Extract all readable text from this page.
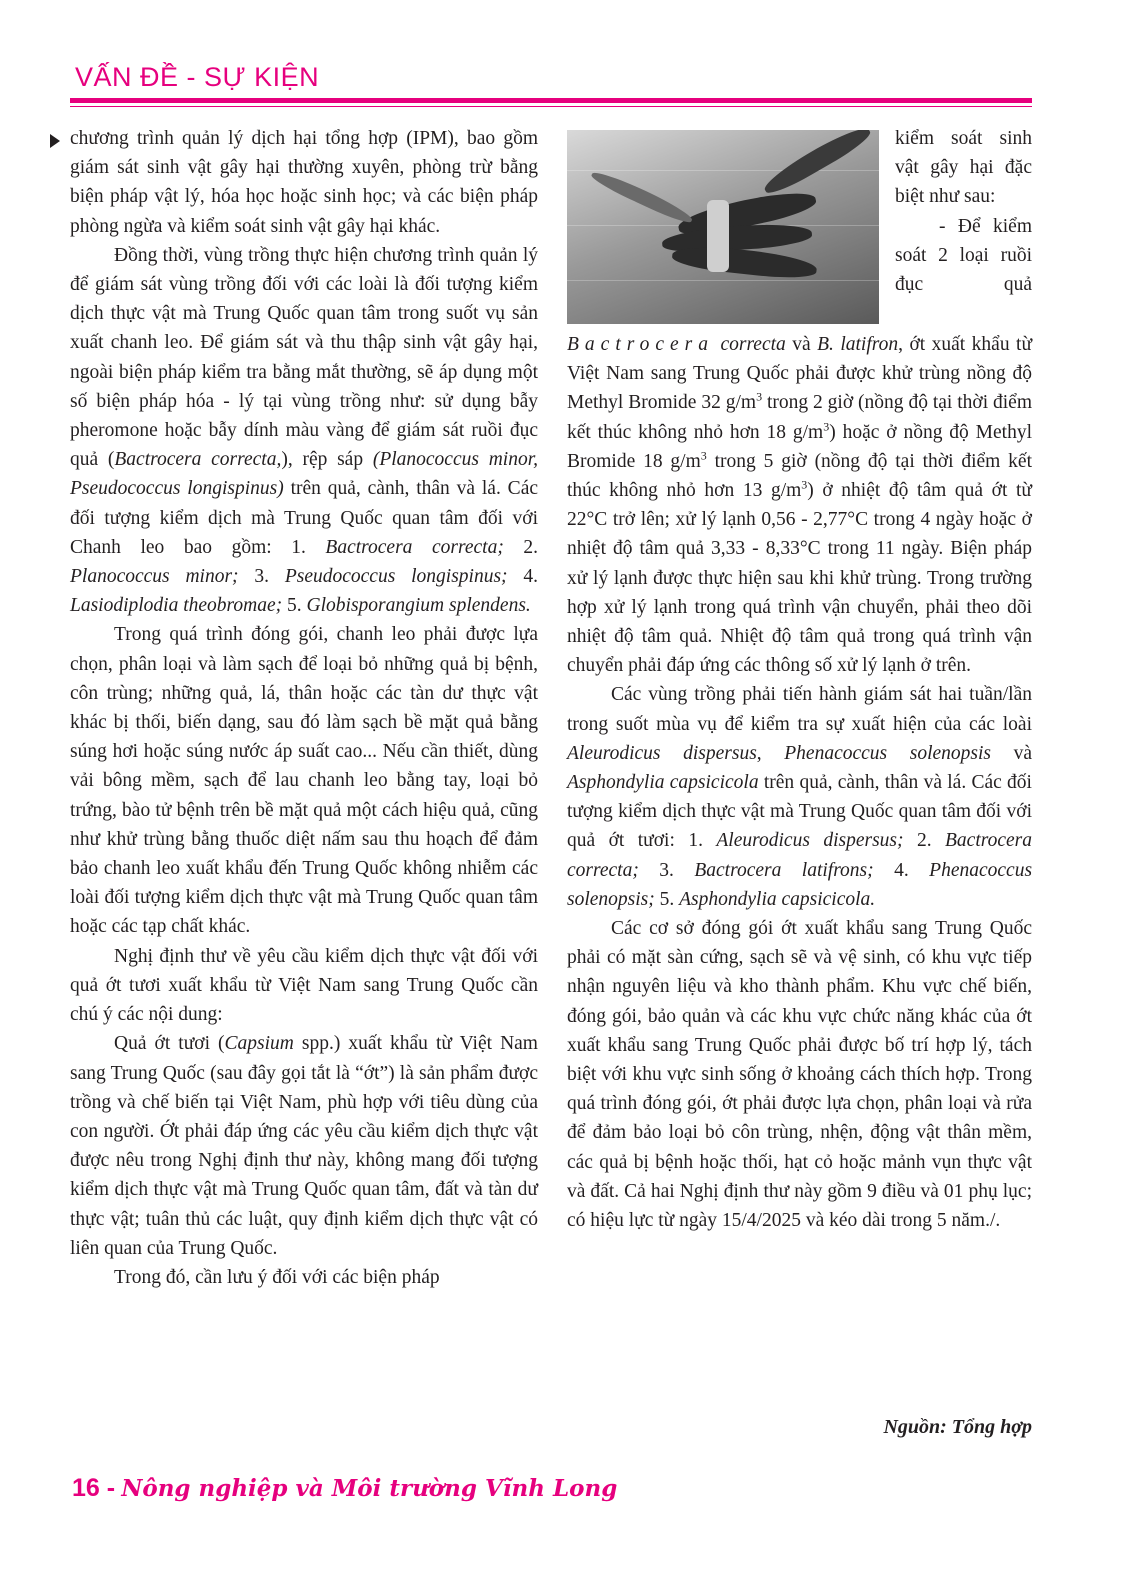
VẤN ĐỀ - SỰ KIỆN

chương trình quản lý dịch hại tổng hợp (IPM), bao gồm giám sát sinh vật gây hại thường xuyên, phòng trừ bằng biện pháp vật lý, hóa học hoặc sinh học; và các biện pháp phòng ngừa và kiểm soát sinh vật gây hại khác.

Đồng thời, vùng trồng thực hiện chương trình quản lý để giám sát vùng trồng đối với các loài là đối tượng kiểm dịch thực vật mà Trung Quốc quan tâm trong suốt vụ sản xuất chanh leo. Để giám sát và thu thập sinh vật gây hại, ngoài biện pháp kiểm tra bằng mắt thường, sẽ áp dụng một số biện pháp hóa - lý tại vùng trồng như: sử dụng bẫy pheromone hoặc bẫy dính màu vàng để giám sát ruồi đục quả (Bactrocera correcta,), rệp sáp (Planococcus minor, Pseudococcus longispinus) trên quả, cành, thân và lá. Các đối tượng kiểm dịch mà Trung Quốc quan tâm đối với Chanh leo bao gồm: 1. Bactrocera correcta; 2. Planococcus minor; 3. Pseudococcus longispinus; 4. Lasiodiplodia theobromae; 5. Globisporangium splendens.

Trong quá trình đóng gói, chanh leo phải được lựa chọn, phân loại và làm sạch để loại bỏ những quả bị bệnh, côn trùng; những quả, lá, thân hoặc các tàn dư thực vật khác bị thối, biến dạng, sau đó làm sạch bề mặt quả bằng súng hơi hoặc súng nước áp suất cao... Nếu cần thiết, dùng vải bông mềm, sạch để lau chanh leo bằng tay, loại bỏ trứng, bào tử bệnh trên bề mặt quả một cách hiệu quả, cũng như khử trùng bằng thuốc diệt nấm sau thu hoạch để đảm bảo chanh leo xuất khẩu đến Trung Quốc không nhiễm các loài đối tượng kiểm dịch thực vật mà Trung Quốc quan tâm hoặc các tạp chất khác.

Nghị định thư về yêu cầu kiểm dịch thực vật đối với quả ớt tươi xuất khẩu từ Việt Nam sang Trung Quốc cần chú ý các nội dung:

Quả ớt tươi (Capsium spp.) xuất khẩu từ Việt Nam sang Trung Quốc (sau đây gọi tắt là “ớt”) là sản phẩm được trồng và chế biến tại Việt Nam, phù hợp với tiêu dùng của con người. Ớt phải đáp ứng các yêu cầu kiểm dịch thực vật được nêu trong Nghị định thư này, không mang đối tượng kiểm dịch thực vật mà Trung Quốc quan tâm, đất và tàn dư thực vật; tuân thủ các luật, quy định kiểm dịch thực vật có liên quan của Trung Quốc.

Trong đó, cần lưu ý đối với các biện pháp

kiểm soát sinh vật gây hại đặc biệt như sau:

- Để kiểm soát 2 loại ruồi đục quả Bactrocera correcta và B. latifron, ớt xuất khẩu từ Việt Nam sang Trung Quốc phải được khử trùng nồng độ Methyl Bromide 32 $g/m^3$ trong 2 giờ (nồng độ tại thời điểm kết thúc không nhỏ hơn 18 $g/m^3$) hoặc ở nồng độ Methyl Bromide 18 $g/m^3$ trong 5 giờ (nồng độ tại thời điểm kết thúc không nhỏ hơn 13 $g/m^3$) ở nhiệt độ tâm quả ớt từ 22°C trở lên; xử lý lạnh 0,56 - 2,77°C trong 4 ngày hoặc ở nhiệt độ tâm quả 3,33 - 8,33°C trong 11 ngày. Biện pháp xử lý lạnh được thực hiện sau khi khử trùng. Trong trường hợp xử lý lạnh trong quá trình vận chuyển, phải theo dõi nhiệt độ tâm quả. Nhiệt độ tâm quả trong quá trình vận chuyển phải đáp ứng các thông số xử lý lạnh ở trên.

Các vùng trồng phải tiến hành giám sát hai tuần/lần trong suốt mùa vụ để kiểm tra sự xuất hiện của các loài Aleurodicus dispersus, Phenacoccus solenopsis và Asphondylia capsicicola trên quả, cành, thân và lá. Các đối tượng kiểm dịch thực vật mà Trung Quốc quan tâm đối với quả ớt tươi: 1. Aleurodicus dispersus; 2. Bactrocera correcta; 3. Bactrocera latifrons; 4. Phenacoccus solenopsis; 5. Asphondylia capsicicola.

Các cơ sở đóng gói ớt xuất khẩu sang Trung Quốc phải có mặt sàn cứng, sạch sẽ và vệ sinh, có khu vực tiếp nhận nguyên liệu và kho thành phẩm. Khu vực chế biến, đóng gói, bảo quản và các khu vực chức năng khác của ớt xuất khẩu sang Trung Quốc phải được bố trí hợp lý, tách biệt với khu vực sinh sống ở khoảng cách thích hợp. Trong quá trình đóng gói, ớt phải được lựa chọn, phân loại và rửa để đảm bảo loại bỏ côn trùng, nhện, động vật thân mềm, các quả bị bệnh hoặc thối, hạt cỏ hoặc mảnh vụn thực vật và đất. Cả hai Nghị định thư này gồm 9 điều và 01 phụ lục; có hiệu lực từ ngày 15/4/2025 và kéo dài trong 5 năm./.

Nguồn: Tổng hợp
16 - Nông nghiệp và Môi trường Vĩnh Long
